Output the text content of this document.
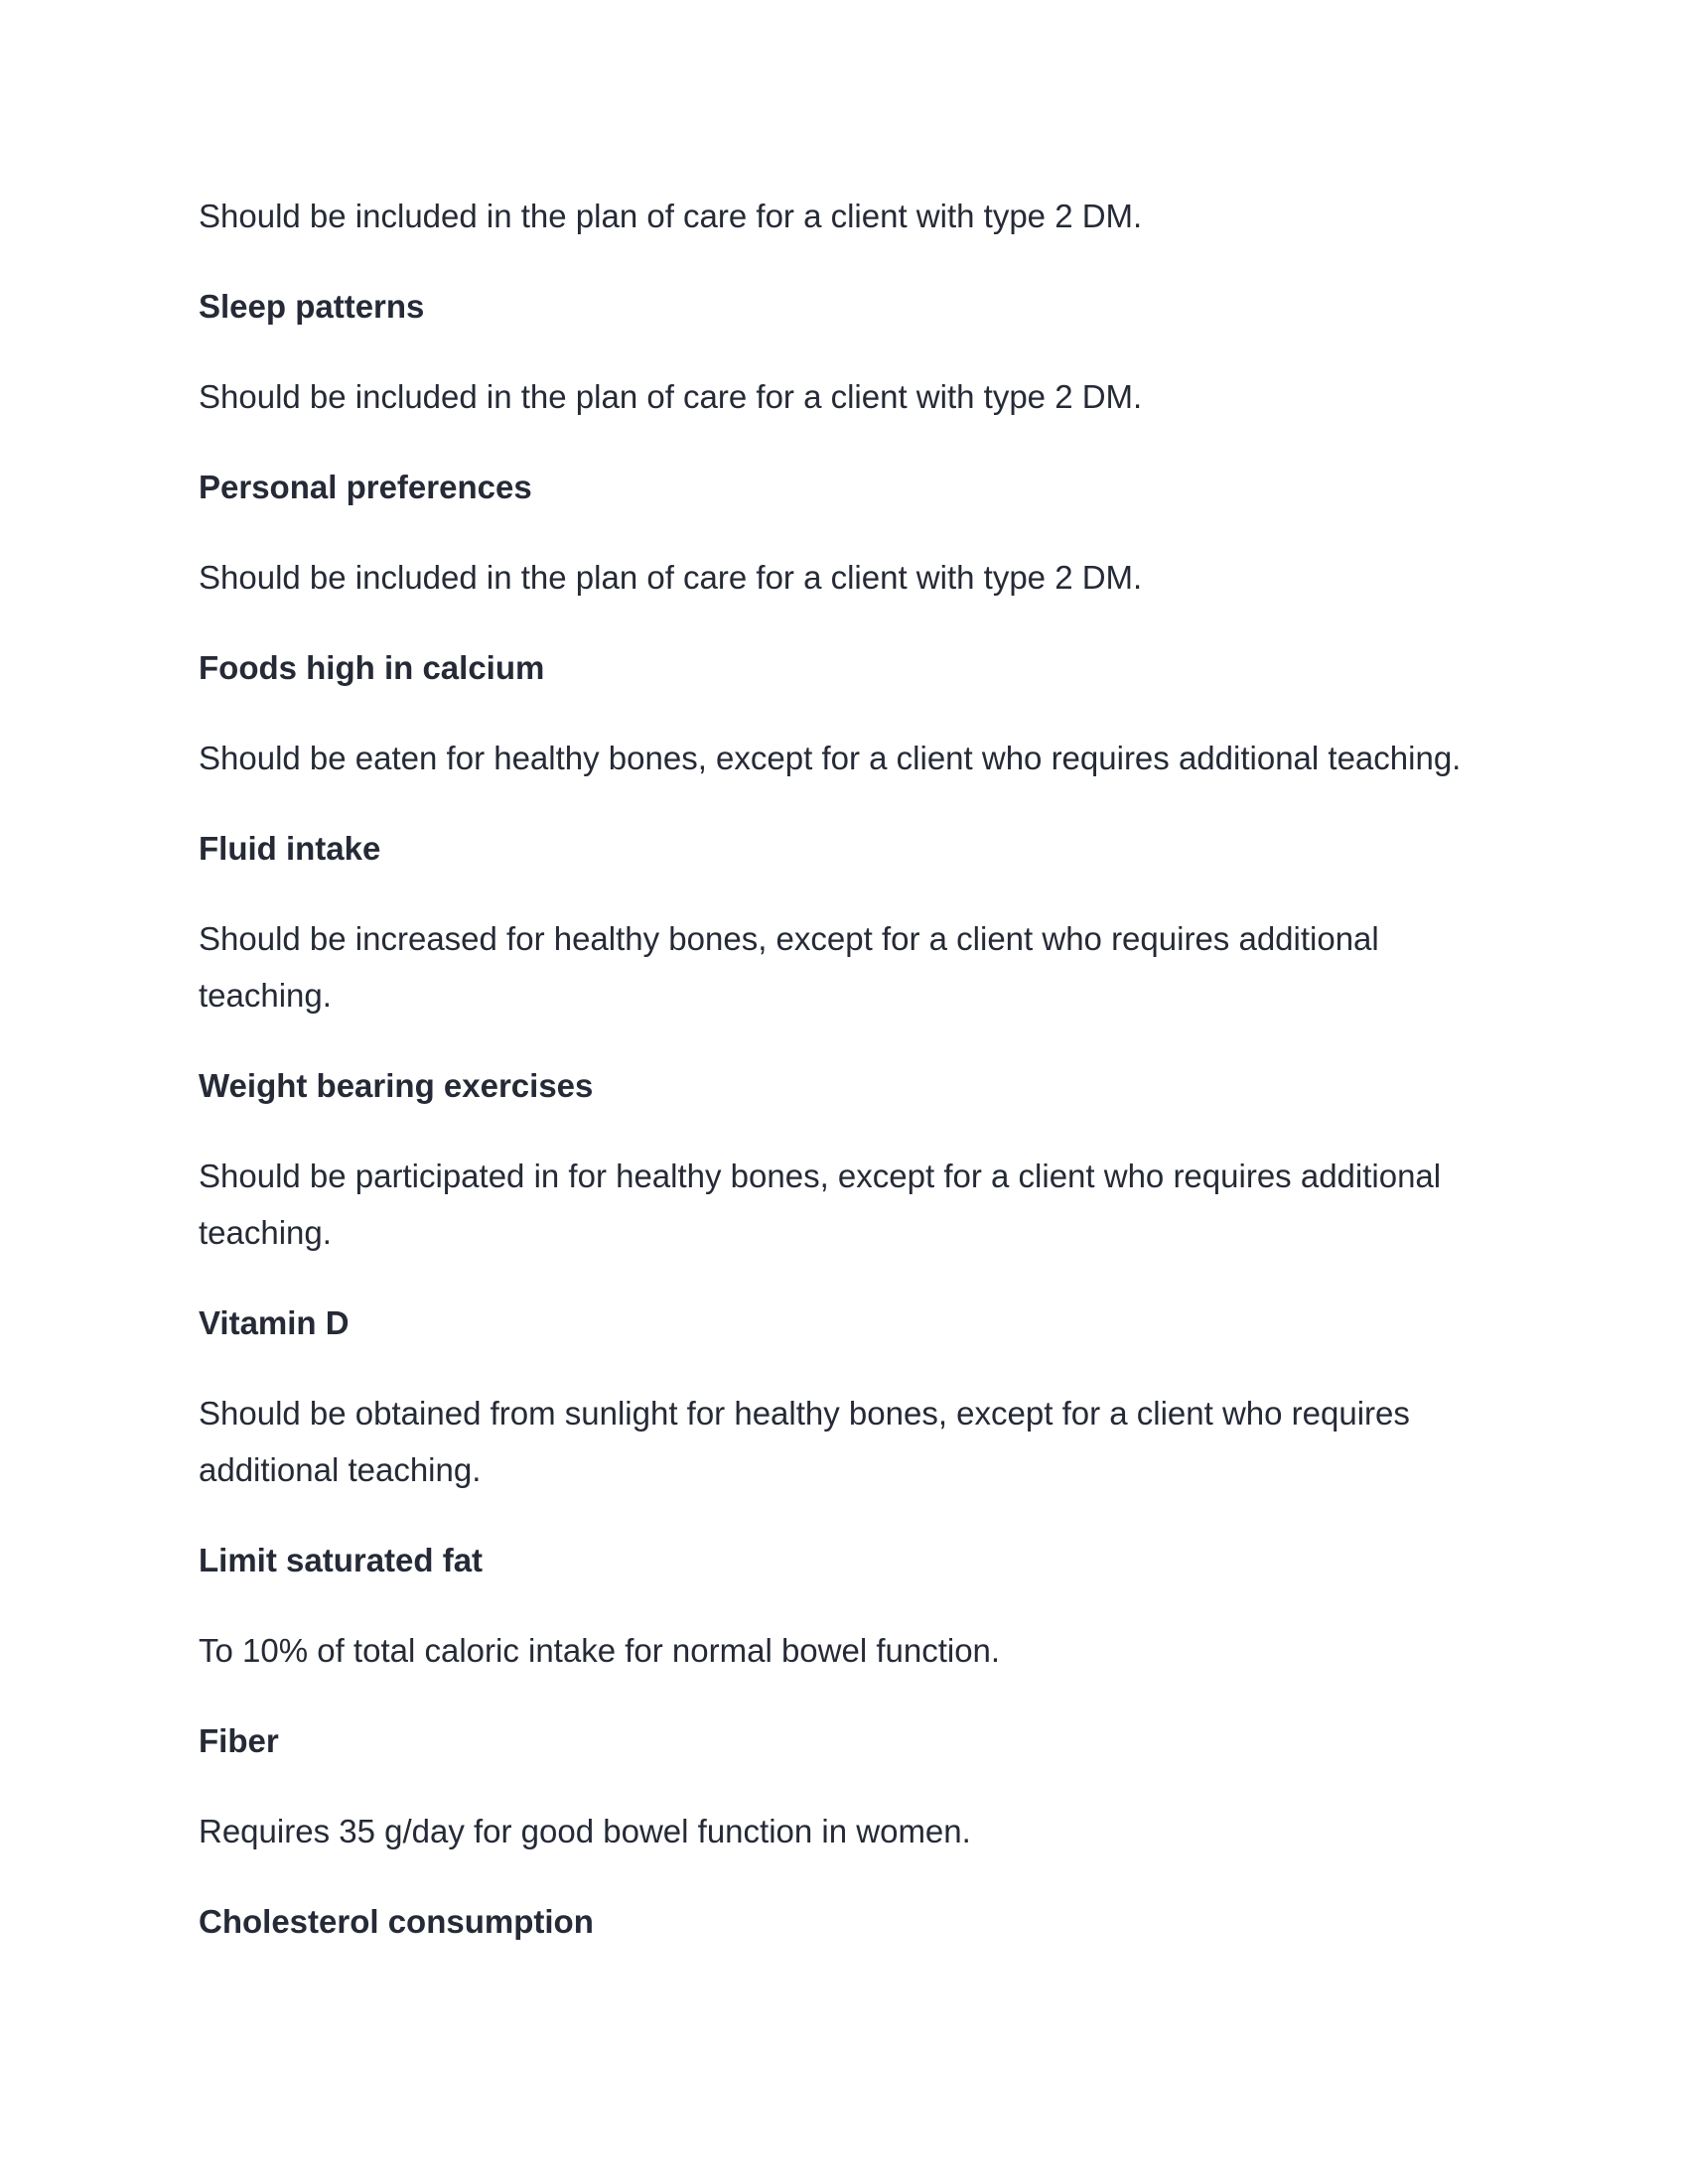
Should be included in the plan of care for a client with type 2 DM.

Sleep patterns

Should be included in the plan of care for a client with type 2 DM.

Personal preferences

Should be included in the plan of care for a client with type 2 DM.

Foods high in calcium

Should be eaten for healthy bones, except for a client who requires additional teaching.

Fluid intake

Should be increased for healthy bones, except for a client who requires additional teaching.

Weight bearing exercises

Should be participated in for healthy bones, except for a client who requires additional teaching.

Vitamin D

Should be obtained from sunlight for healthy bones, except for a client who requires additional teaching.

Limit saturated fat

To 10% of total caloric intake for normal bowel function.

Fiber

Requires 35 g/day for good bowel function in women.

Cholesterol consumption
